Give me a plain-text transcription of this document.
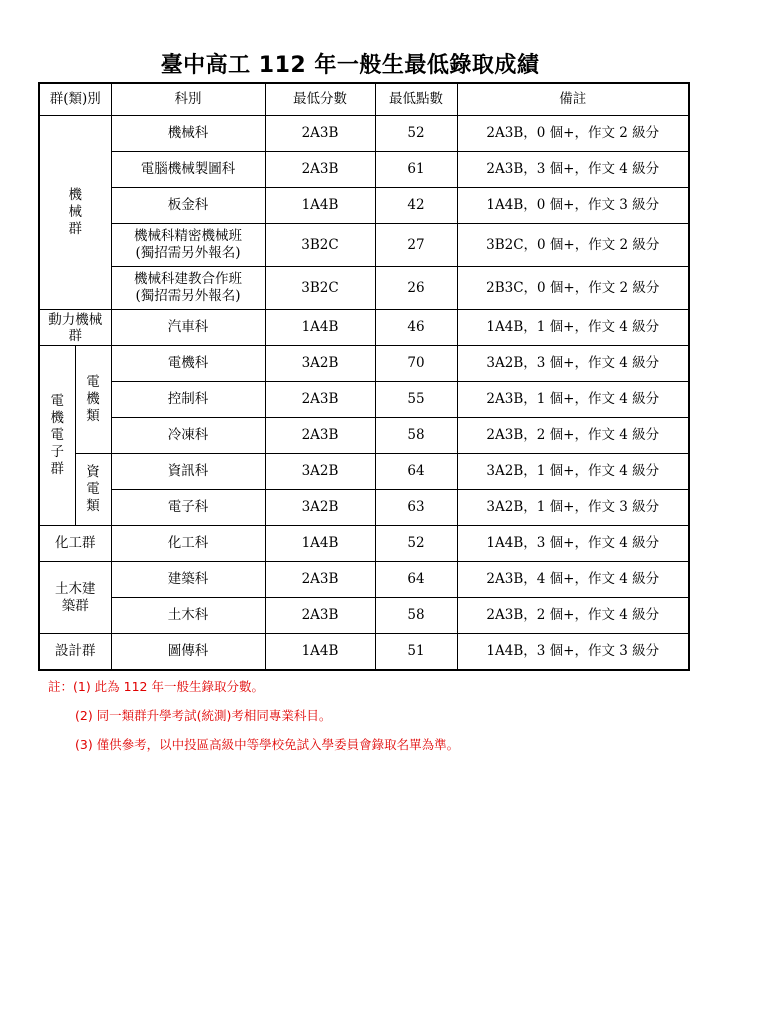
臺中高工 112 年一般生最低錄取成績
群(類)別		科別	最低分數	最低點數	備註

機
械
群		機械科	2A3B	52	2A3B，0 個+，作文 2 級分
		電腦機械製圖科	2A3B	61	2A3B，3 個+，作文 4 級分
		板金科	1A4B	42	1A4B，0 個+，作文 3 級分

		機械科精密機械班
(獨招需另外報名)	3B2C	27	3B2C，0 個+，作文 2 級分

		機械科建教合作班
(獨招需另外報名)	3B2C	26	2B3C，0 個+，作文 2 級分
動力機械群		汽車科	1A4B	46	1A4B，1 個+，作文 4 級分

電
機
電
子
群	電
機
類	電機科	3A2B	70	3A2B，3 個+，作文 4 級分
		控制科	2A3B	55	2A3B，1 個+，作文 4 級分
		冷凍科	2A3B	58	2A3B，2 個+，作文 4 級分

	資
電
類	資訊科	3A2B	64	3A2B，1 個+，作文 4 級分
		電子科	3A2B	63	3A2B，1 個+，作文 3 級分
化工群		化工科	1A4B	52	1A4B，3 個+，作文 4 級分

土木建
築群		建築科	2A3B	64	2A3B，4 個+，作文 4 級分
		土木科	2A3B	58	2A3B，2 個+，作文 4 級分
設計群		圖傳科	1A4B	51	1A4B，3 個+，作文 3 級分
註：(1) 此為 112 年一般生錄取分數。
(2) 同一類群升學考試(統測)考相同專業科目。
(3) 僅供參考，以中投區高級中等學校免試入學委員會錄取名單為準。
